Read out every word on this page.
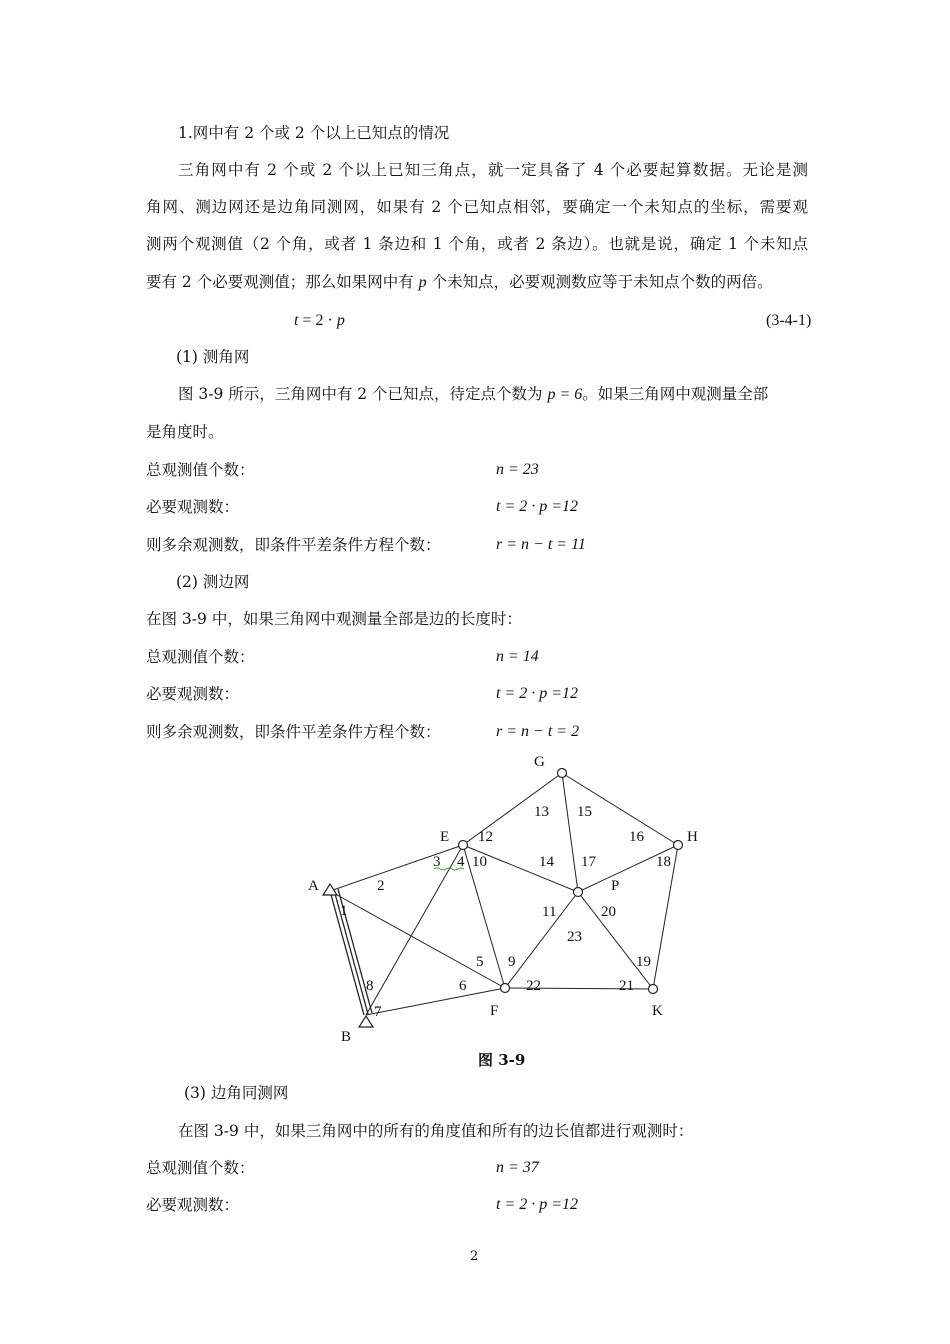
1.网中有 2 个或 2 个以上已知点的情况
三角网中有 2 个或 2 个以上已知三角点，就一定具备了 4 个必要起算数据。无论是测
角网、测边网还是边角同测网，如果有 2 个已知点相邻，要确定一个未知点的坐标，需要观
测两个观测值（2 个角，或者 1 条边和 1 个角，或者 2 条边）。也就是说，确定 1 个未知点
要有 2 个必要观测值；那么如果网中有 p 个未知点，必要观测数应等于未知点个数的两倍。
t = 2 · p	(3-4-1)
(1) 测角网
图 3-9 所示，三角网中有 2 个已知点，待定点个数为 p = 6。如果三角网中观测量全部
是角度时。
总观测值个数：	n = 23
必要观测数：	t = 2 · p =12
则多余观测数，即条件平差条件方程个数：	r = n − t = 11
(2) 测边网
在图 3-9 中，如果三角网中观测量全部是边的长度时：
总观测值个数：	n = 14
必要观测数：	t = 2 · p =12
则多余观测数，即条件平差条件方程个数：	r = n − t = 2
A
B
E
F
G
H
P
K
1
2
3 4
5
6
7
8
9
10
11
12
13
14
15
16
17	18
19
20
21
22
23
图 3-9
(3) 边角同测网
在图 3-9 中，如果三角网中的所有的角度值和所有的边长值都进行观测时：
总观测值个数：	n = 37
必要观测数：	t = 2 · p =12
2
